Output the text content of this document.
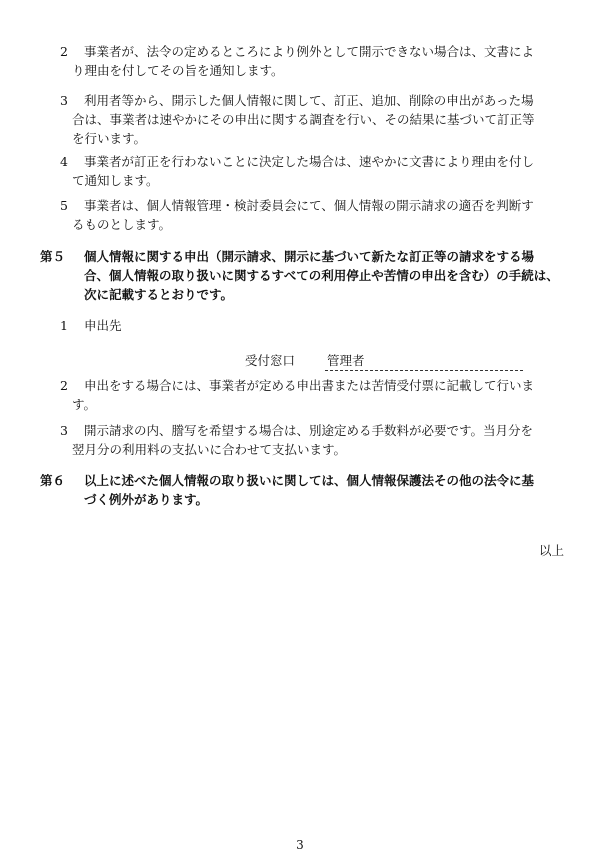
2	事業者が、法令の定めるところにより例外として開示できない場合は、文書によ
り理由を付してその旨を通知します。
3	利用者等から、開示した個人情報に関して、訂正、追加、削除の申出があった場
合は、事業者は速やかにその申出に関する調査を行い、その結果に基づいて訂正等
を行います。
4	事業者が訂正を行わないことに決定した場合は、速やかに文書により理由を付し
て通知します。
5	事業者は、個人情報管理・検討委員会にて、個人情報の開示請求の適否を判断す
るものとします。
第５	個人情報に関する申出（開示請求、開示に基づいて新たな訂正等の請求をする場
合、個人情報の取り扱いに関するすべての利用停止や苦情の申出を含む）の手続は、
次に記載するとおりです。
1	申出先
受付窓口	管理者
2	申出をする場合には、事業者が定める申出書または苦情受付票に記載して行いま
す。
3	開示請求の内、謄写を希望する場合は、別途定める手数料が必要です。当月分を
翌月分の利用料の支払いに合わせて支払います。
第６	以上に述べた個人情報の取り扱いに関しては、個人情報保護法その他の法令に基
づく例外があります。
以上
3
